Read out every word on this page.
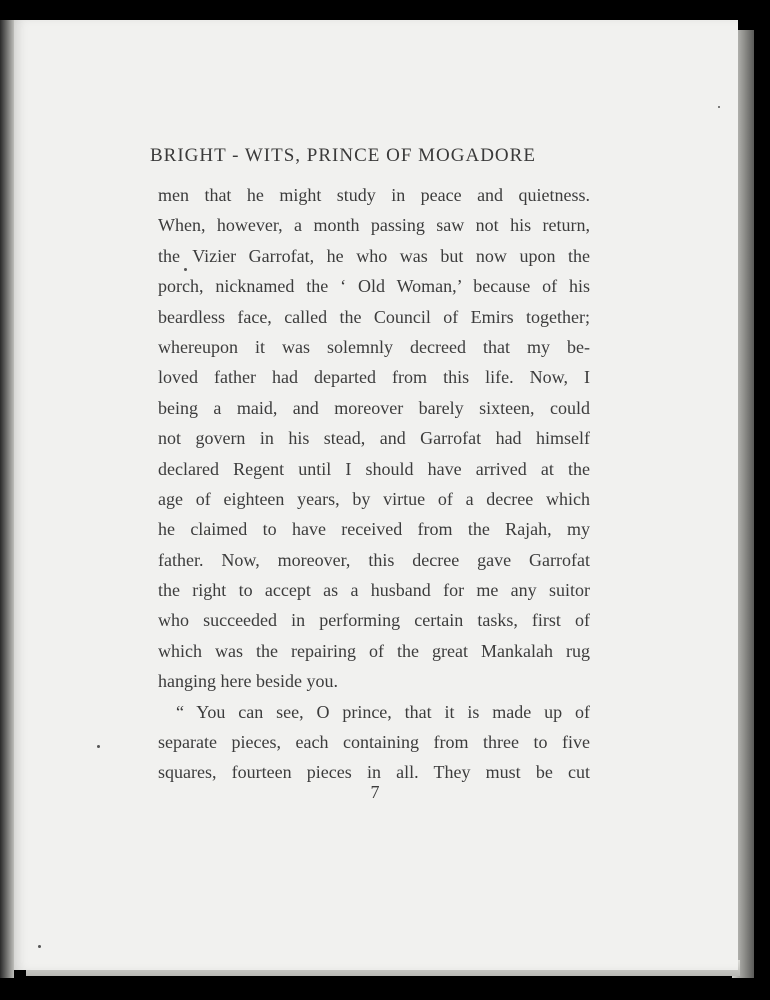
BRIGHT - WITS, PRINCE OF MOGADORE
men that he might study in peace and quietness.
When, however, a month passing saw not his return,
the Vizier Garrofat, he who was but now upon the
porch, nicknamed the ‘ Old Woman,’ because of his
beardless face, called the Council of Emirs together;
whereupon it was solemnly decreed that my be-
loved father had departed from this life. Now, I
being a maid, and moreover barely sixteen, could
not govern in his stead, and Garrofat had himself
declared Regent until I should have arrived at the
age of eighteen years, by virtue of a decree which
he claimed to have received from the Rajah, my
father. Now, moreover, this decree gave Garrofat
the right to accept as a husband for me any suitor
who succeeded in performing certain tasks, first of
which was the repairing of the great Mankalah rug
hanging here beside you.
“ You can see, O prince, that it is made up of
separate pieces, each containing from three to five
squares, fourteen pieces in all. They must be cut
7
